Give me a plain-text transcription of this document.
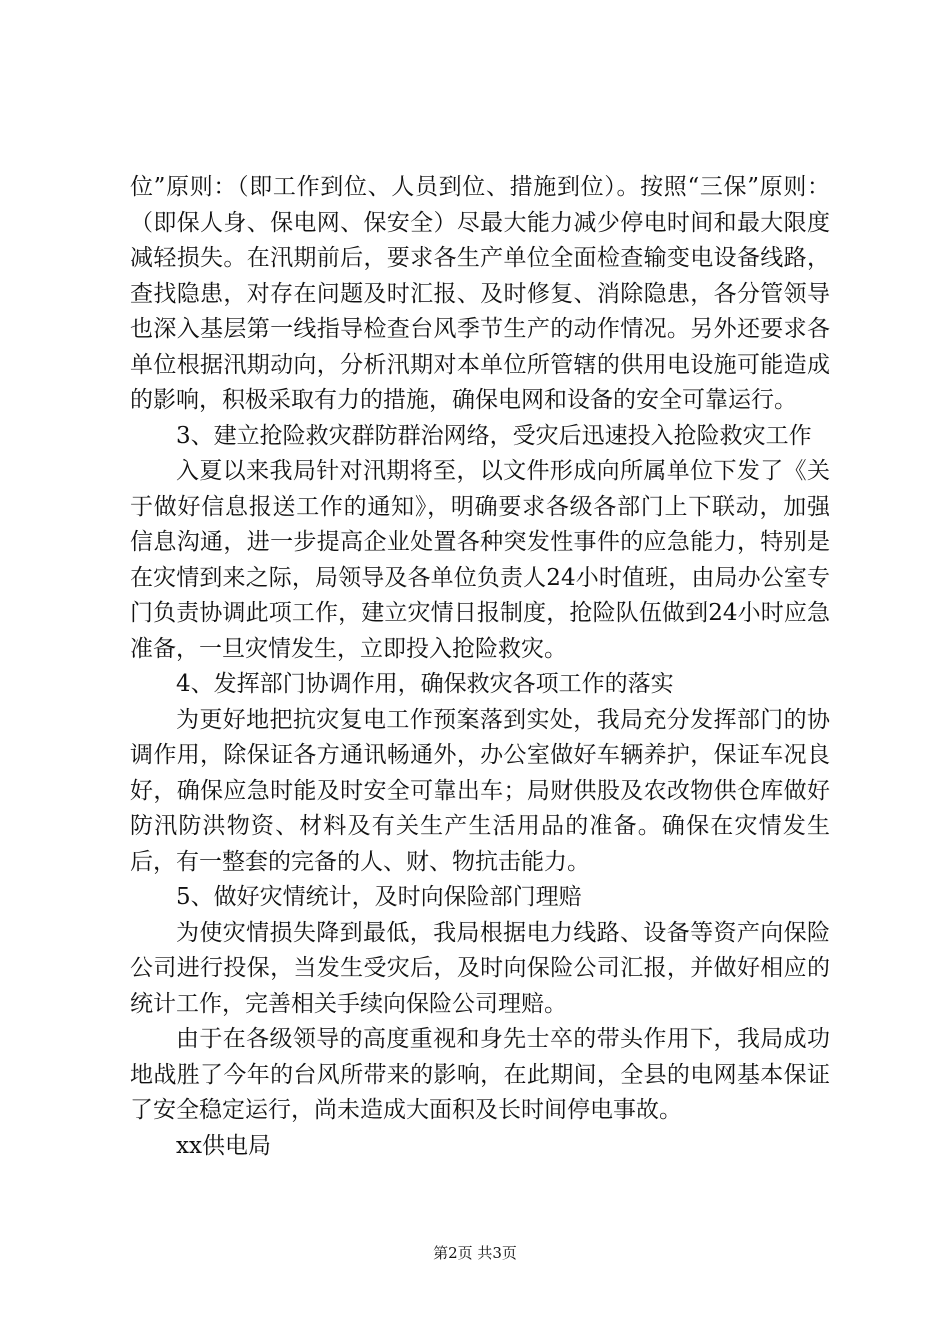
位”原则：（即工作到位、人员到位、措施到位）。按照“三保”原则：（即保人身、保电网、保安全）尽最大能力减少停电时间和最大限度减轻损失。在汛期前后，要求各生产单位全面检查输变电设备线路，查找隐患，对存在问题及时汇报、及时修复、消除隐患，各分管领导也深入基层第一线指导检查台风季节生产的动作情况。另外还要求各单位根据汛期动向，分析汛期对本单位所管辖的供用电设施可能造成的影响，积极采取有力的措施，确保电网和设备的安全可靠运行。

3、建立抢险救灾群防群治网络，受灾后迅速投入抢险救灾工作

入夏以来我局针对汛期将至，以文件形成向所属单位下发了《关于做好信息报送工作的通知》，明确要求各级各部门上下联动，加强信息沟通，进一步提高企业处置各种突发性事件的应急能力，特别是在灾情到来之际，局领导及各单位负责人24小时值班，由局办公室专门负责协调此项工作，建立灾情日报制度，抢险队伍做到24小时应急准备，一旦灾情发生，立即投入抢险救灾。

4、发挥部门协调作用，确保救灾各项工作的落实

为更好地把抗灾复电工作预案落到实处，我局充分发挥部门的协调作用，除保证各方通讯畅通外，办公室做好车辆养护，保证车况良好，确保应急时能及时安全可靠出车；局财供股及农改物供仓库做好防汛防洪物资、材料及有关生产生活用品的准备。确保在灾情发生后，有一整套的完备的人、财、物抗击能力。

5、做好灾情统计，及时向保险部门理赔

为使灾情损失降到最低，我局根据电力线路、设备等资产向保险公司进行投保，当发生受灾后，及时向保险公司汇报，并做好相应的统计工作，完善相关手续向保险公司理赔。

由于在各级领导的高度重视和身先士卒的带头作用下，我局成功地战胜了今年的台风所带来的影响，在此期间，全县的电网基本保证了安全稳定运行，尚未造成大面积及长时间停电事故。

xx供电局

第2页 共3页
